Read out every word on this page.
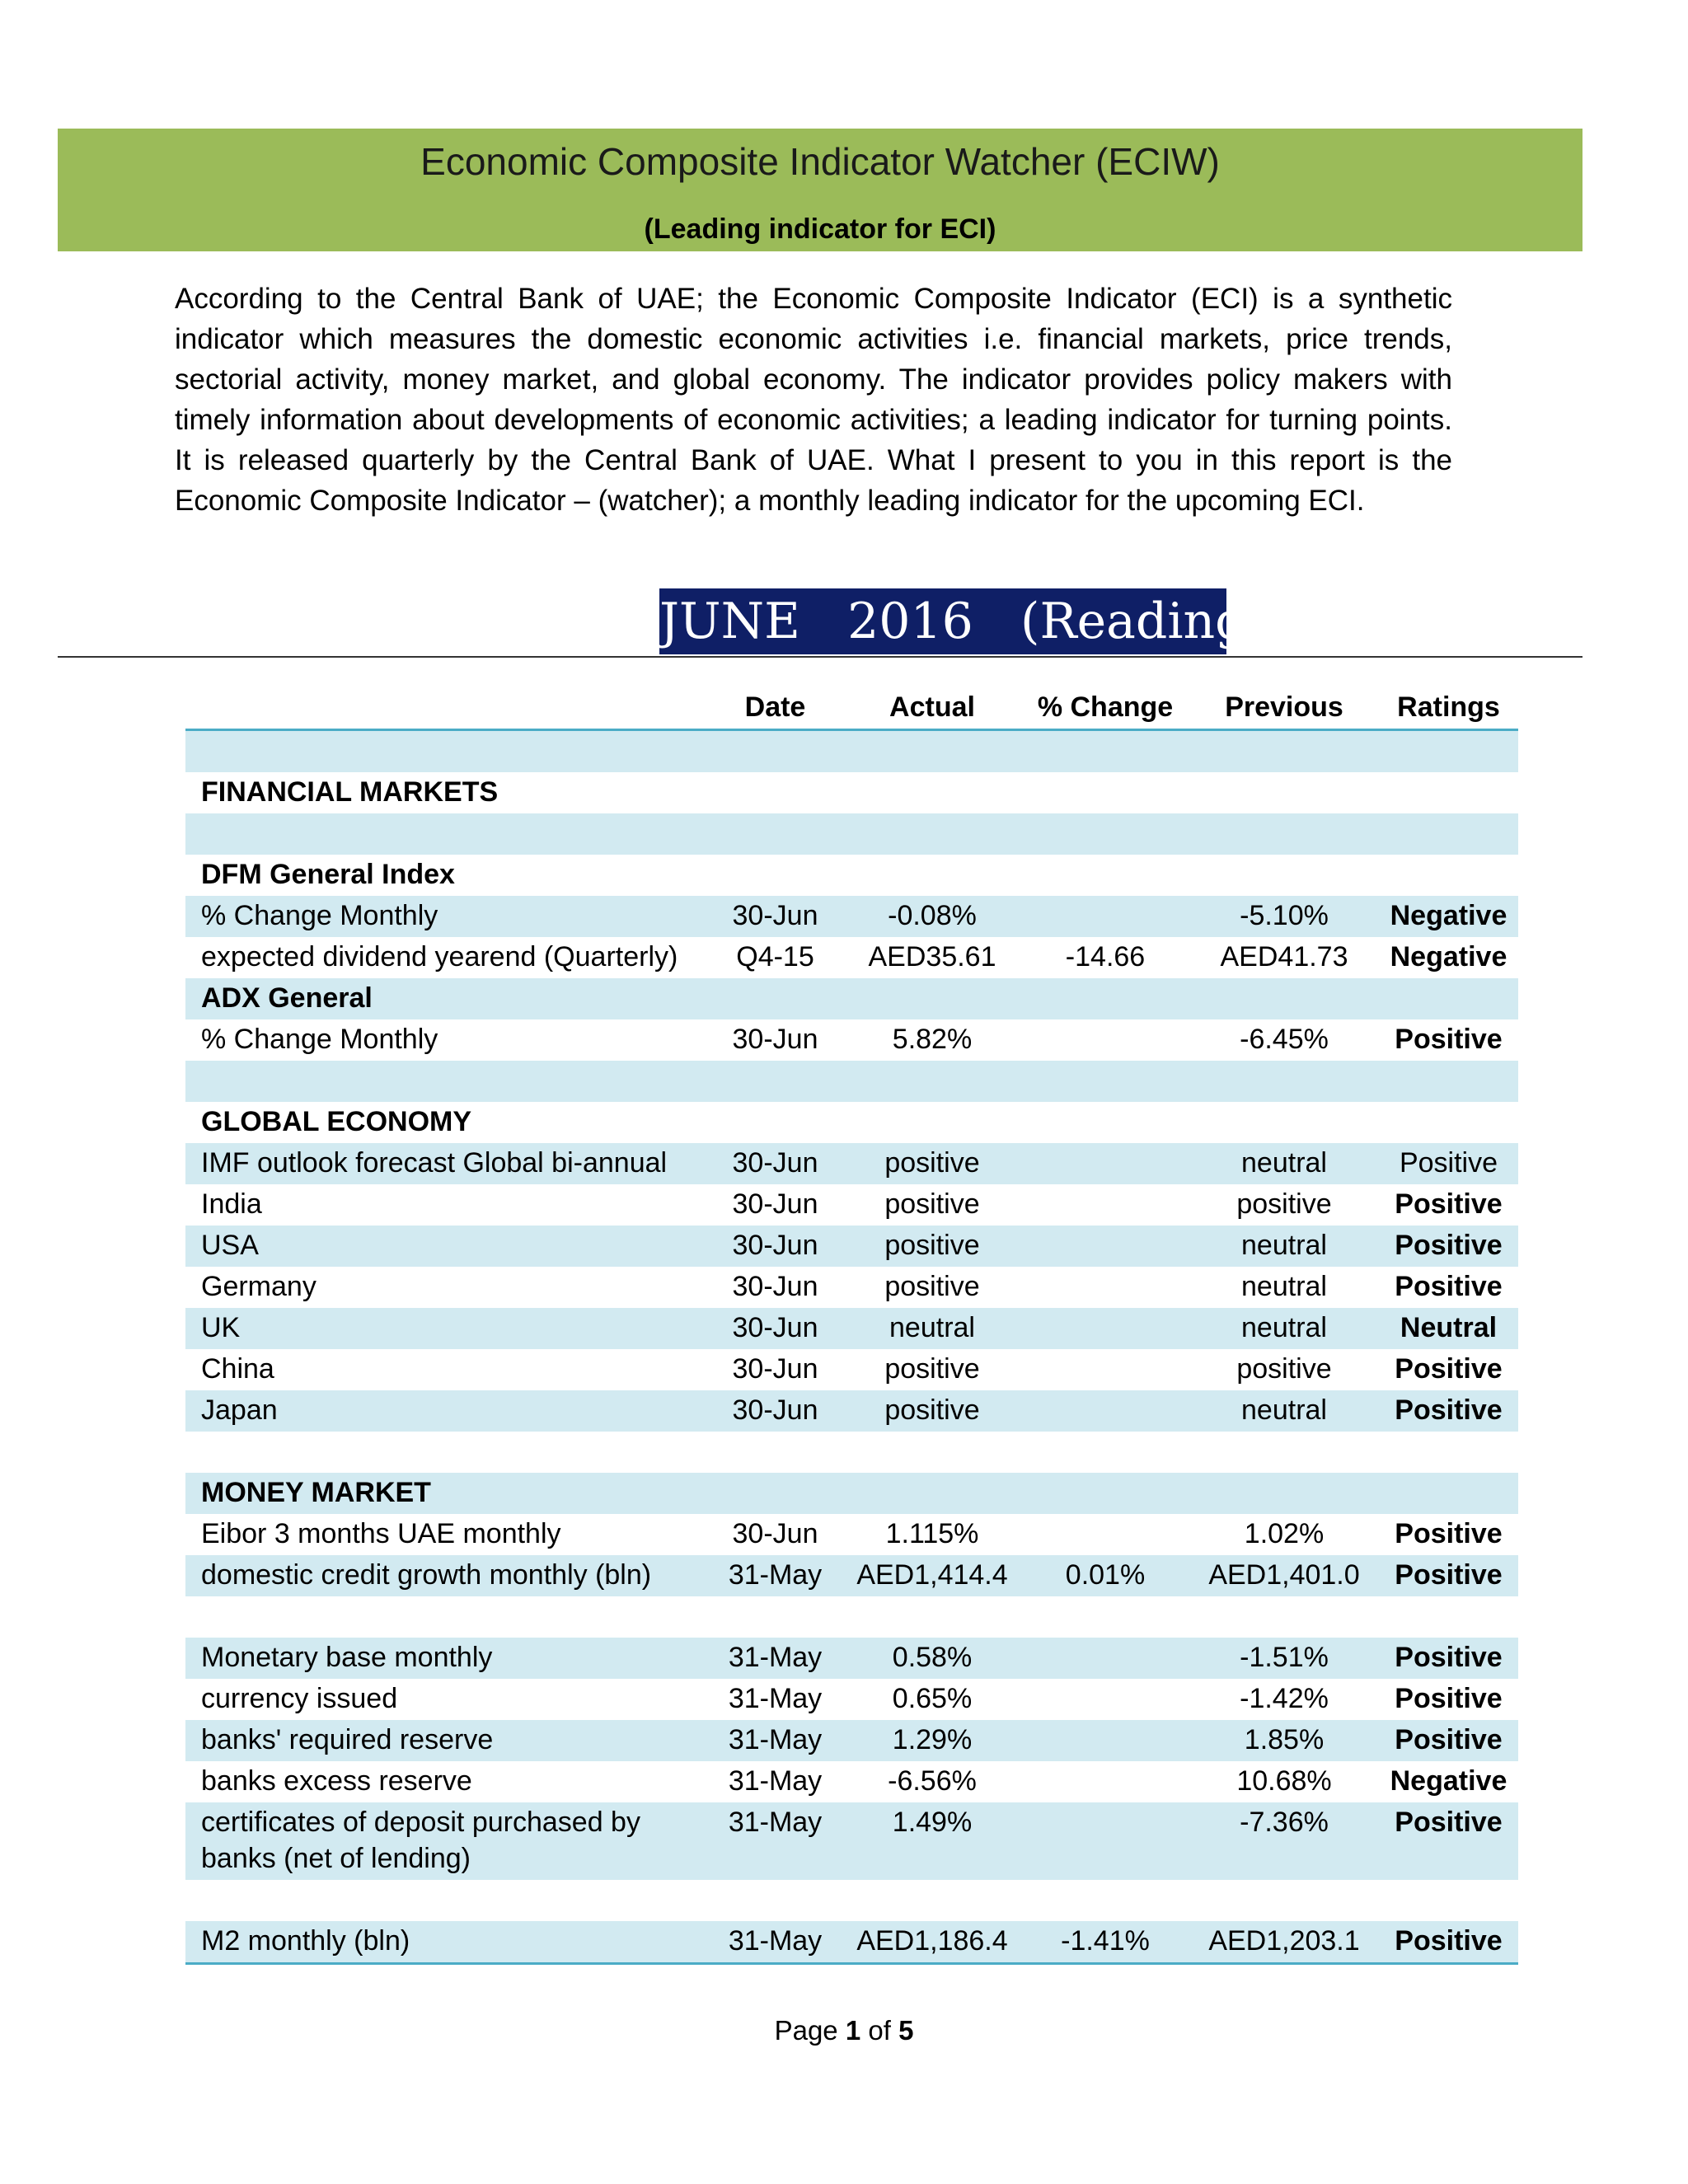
Economic Composite Indicator Watcher (ECIW)
(Leading indicator for ECI)

According to the Central Bank of UAE; the Economic Composite Indicator (ECI) is a synthetic indicator which measures the domestic economic activities i.e. financial markets, price trends, sectorial activity, money market, and global economy. The indicator provides policy makers with timely information about developments of economic activities; a leading indicator for turning points. It is released quarterly by the Central Bank of UAE. What I present to you in this report is the Economic Composite Indicator – (watcher); a monthly leading indicator for the upcoming ECI.

JUNE   2016   (Reading)
	Date	Actual	% Change	Previous	Ratings

FINANCIAL MARKETS					

DFM General Index					
% Change Monthly	30-Jun	-0.08%		-5.10%	Negative
expected dividend yearend (Quarterly)	Q4-15	AED35.61	-14.66	AED41.73	Negative
ADX General					
% Change Monthly	30-Jun	5.82%		-6.45%	Positive

GLOBAL ECONOMY					
IMF outlook forecast Global bi-annual	30-Jun	positive		neutral	Positive
India	30-Jun	positive		positive	Positive
USA	30-Jun	positive		neutral	Positive
Germany	30-Jun	positive		neutral	Positive
UK	30-Jun	neutral		neutral	Neutral
China	30-Jun	positive		positive	Positive
Japan	30-Jun	positive		neutral	Positive

MONEY MARKET					
Eibor 3 months UAE monthly	30-Jun	1.115%		1.02%	Positive
domestic credit growth monthly (bln)	31-May	AED1,414.4	0.01%	AED1,401.0	Positive

Monetary base monthly	31-May	0.58%		-1.51%	Positive
currency issued	31-May	0.65%		-1.42%	Positive
banks' required reserve	31-May	1.29%		1.85%	Positive
banks excess reserve	31-May	-6.56%		10.68%	Negative
certificates of deposit purchased by banks (net of lending)	31-May	1.49%		-7.36%	Positive

M2 monthly (bln)	31-May	AED1,186.4	-1.41%	AED1,203.1	Positive
Page 1 of 5
